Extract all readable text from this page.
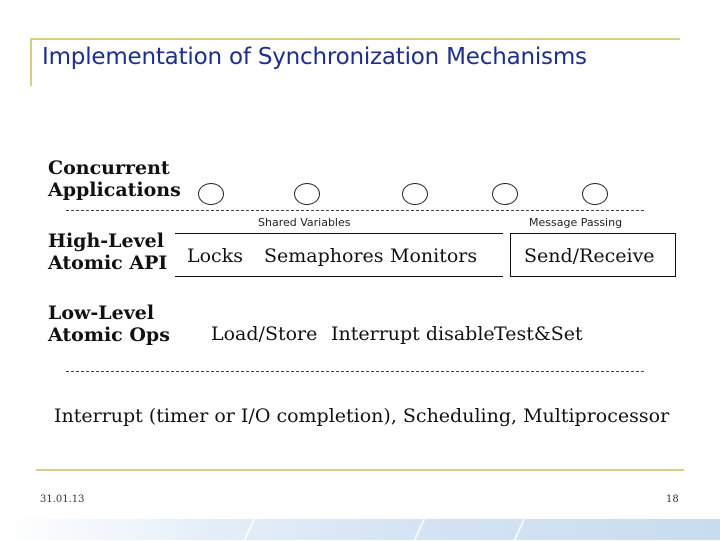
Implementation of Synchronization Mechanisms
Concurrent
Applications
Shared Variables	Message Passing
High-Level
Atomic API Locks Semaphores Monitors Send/Receive
Low-Level
Atomic Ops Load/Store Interrupt disable Test&Set
Interrupt (timer or I/O completion), Scheduling, Multiprocessor
31.01.13	18
